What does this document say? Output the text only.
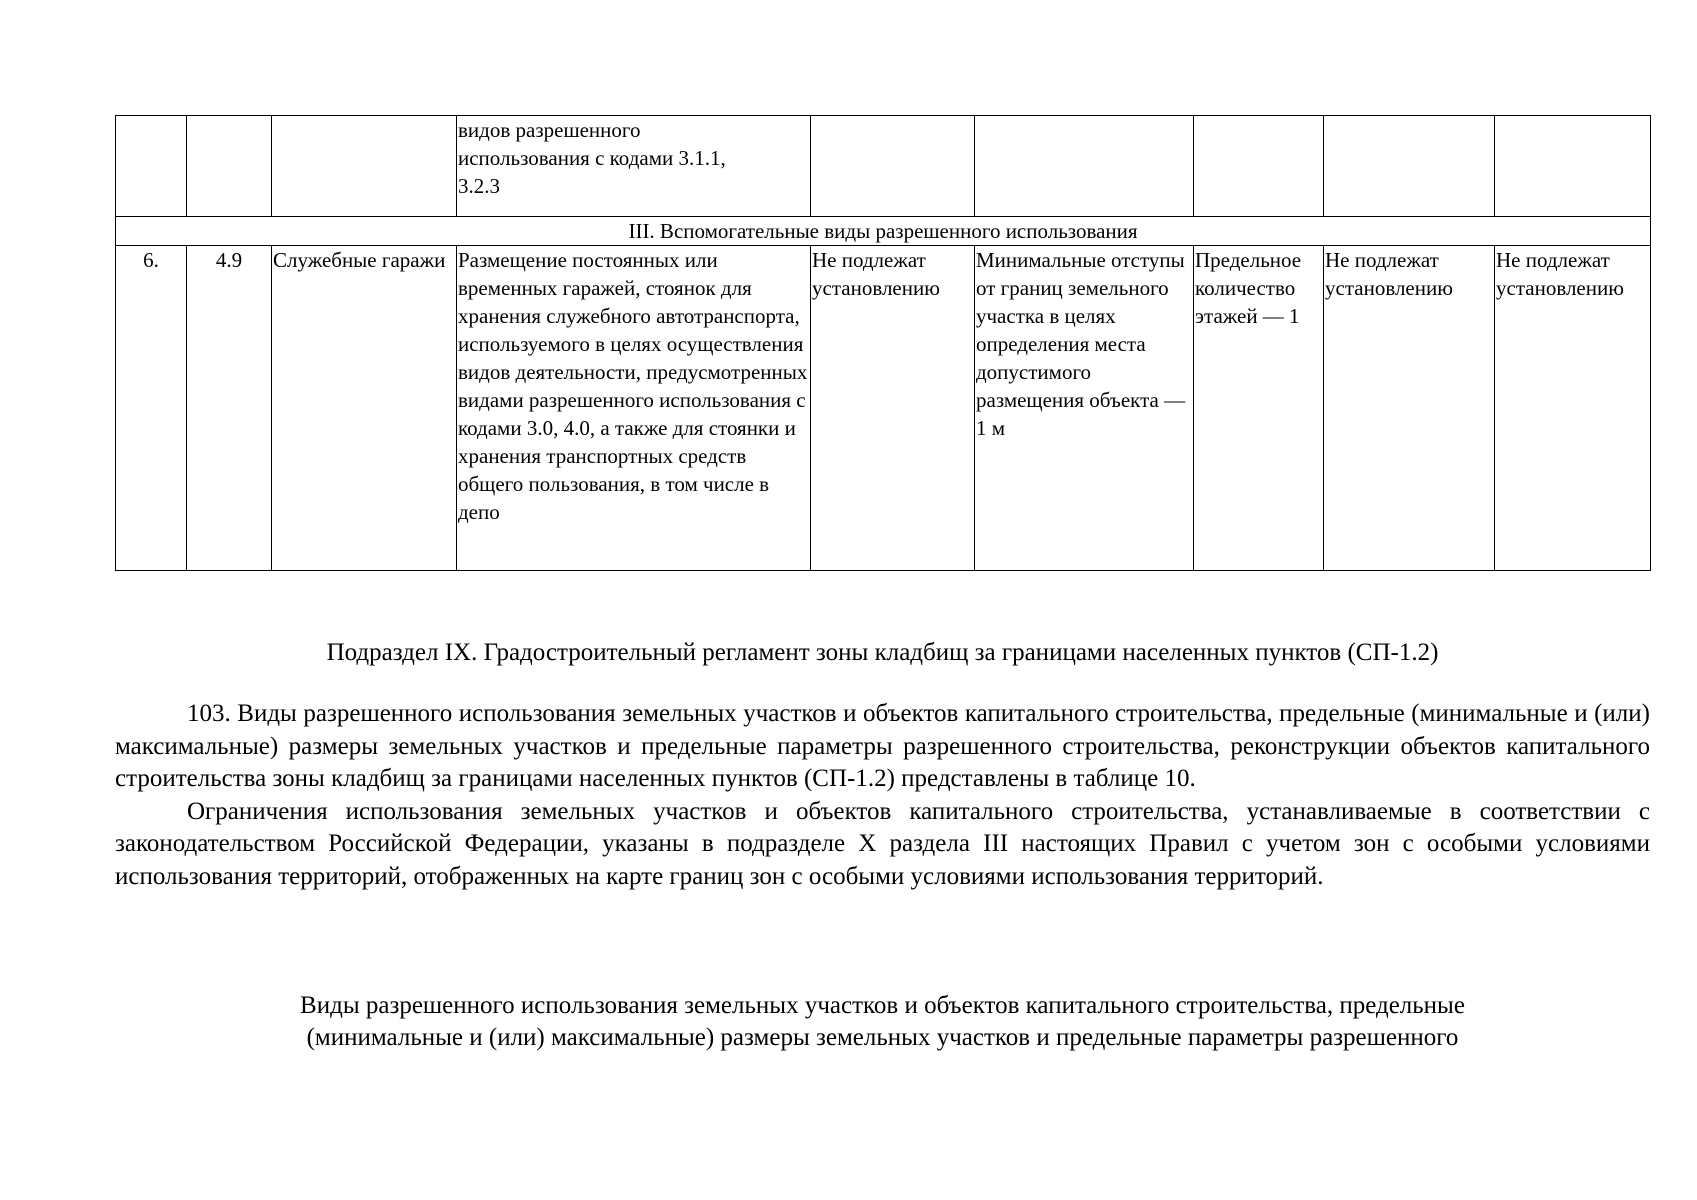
			видов разрешенного
использования с кодами 3.1.1,
3.2.3					
III. Вспомогательные виды разрешенного использования								
6.	4.9	Служебные гаражи	Размещение постоянных или временных гаражей, стоянок для хранения служебного автотранспорта, используемого в целях осуществления видов деятельности, предусмотренных видами разрешенного использования с кодами 3.0, 4.0, а также для стоянки и хранения транспортных средств общего пользования, в том числе в депо	Не подлежат установлению	Минимальные отступы от границ земельного участка в целях определения места допустимого размещения объекта — 1 м	Предельное количество этажей — 1	Не подлежат установлению	Не подлежат установлению
Подраздел IX. Градостроительный регламент зоны кладбищ за границами населенных пунктов (СП-1.2)

103. Виды разрешенного использования земельных участков и объектов капитального строительства, предельные (минимальные и (или) максимальные) размеры земельных участков и предельные параметры разрешенного строительства, реконструкции объектов капитального строительства зоны кладбищ за границами населенных пунктов (СП-1.2) представлены в таблице 10.

Ограничения использования земельных участков и объектов капитального строительства, устанавливаемые в соответствии с законодательством Российской Федерации, указаны в подразделе X раздела III настоящих Правил с учетом зон с особыми условиями использования территорий, отображенных на карте границ зон с особыми условиями использования территорий.

Виды разрешенного использования земельных участков и объектов капитального строительства, предельные
(минимальные и (или) максимальные) размеры земельных участков и предельные параметры разрешенного
